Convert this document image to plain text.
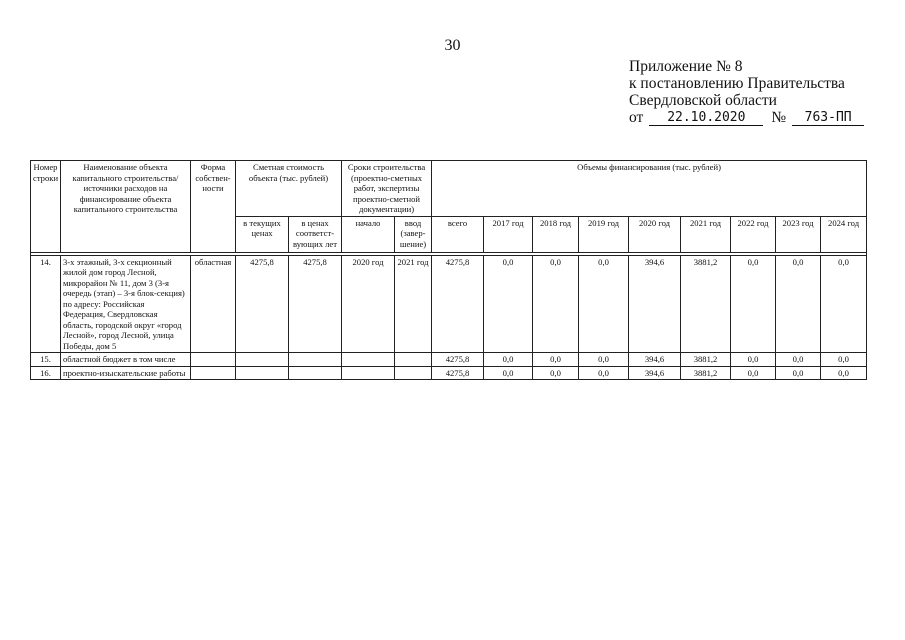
30
Приложение № 8
к постановлению Правительства
Свердловской области
от	22.10.2020	№	763-ПП
Номер строки	Наименование объекта капитального строительства/ источники расходов на финансирование объекта капитального строительства	Форма собствен-ности	Сметная стоимость объекта (тыс. рублей)		Сроки строительства (проектно-сметных работ, экспертизы проектно-сметной документации)		Объемы финансирования (тыс. рублей)								
			в текущих ценах	в ценах соответст-вующих лет	начало	ввод (завер-шение)	всего	2017 год	2018 год	2019 год	2020 год	2021 год	2022 год	2023 год	2024 год

14.	3-х этажный, 3-х секционный жилой дом город Лесной, микрорайон № 11, дом 3 (3-я очередь (этап) – 3-я блок-секция) по адресу: Российская Федерация, Свердловская область, городской округ «город Лесной», город Лесной, улица Победы, дом 5	областная	4275,8	4275,8	2020 год	2021 год	4275,8	0,0	0,0	0,0	394,6	3881,2	0,0	0,0	0,0
15.	областной бюджет в том числе						4275,8	0,0	0,0	0,0	394,6	3881,2	0,0	0,0	0,0
16.	проектно-изыскательские работы						4275,8	0,0	0,0	0,0	394,6	3881,2	0,0	0,0	0,0
